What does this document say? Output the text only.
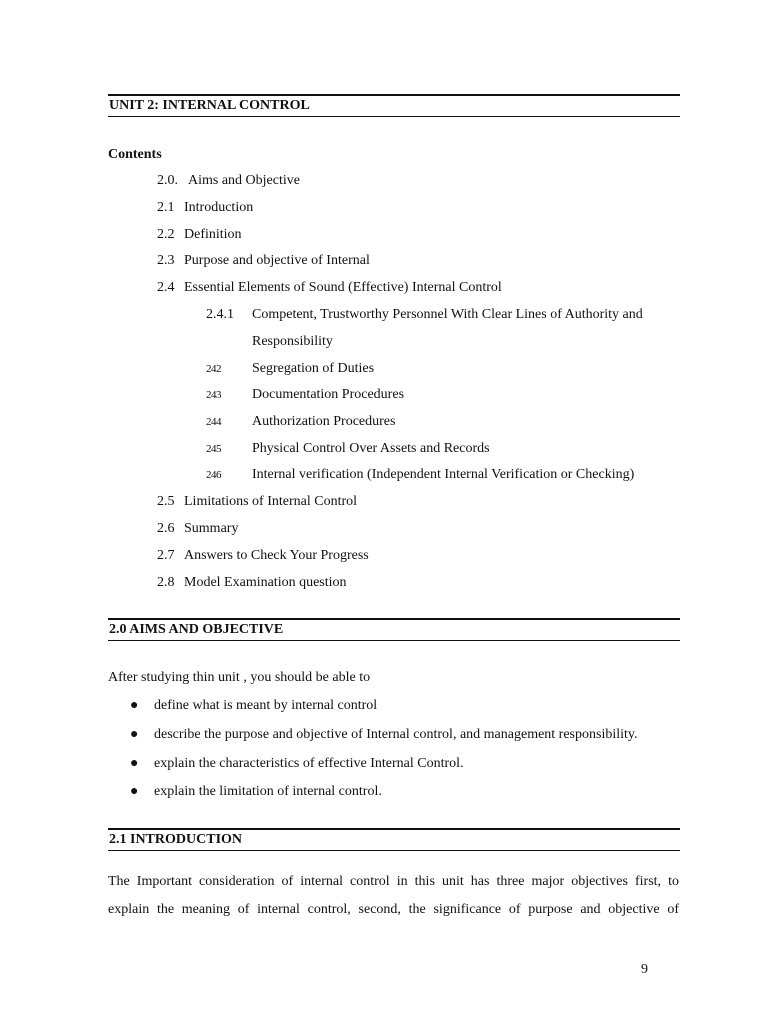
UNIT 2: INTERNAL CONTROL
Contents
2.0. Aims and Objective
2.1 Introduction
2.2 Definition
2.3 Purpose and objective of Internal
2.4 Essential Elements of Sound (Effective) Internal Control
2.4.1 Competent, Trustworthy Personnel With Clear Lines of Authority and
Responsibility
242 Segregation of Duties
243 Documentation Procedures
244 Authorization Procedures
245 Physical Control Over Assets and Records
246 Internal verification (Independent Internal Verification or Checking)
2.5 Limitations of Internal Control
2.6 Summary
2.7 Answers to Check Your Progress
2.8 Model Examination question
2.0 AIMS AND OBJECTIVE
After studying thin unit , you should be able to
● define what is meant by internal control
● describe the purpose and objective of Internal control, and management responsibility.
● explain the characteristics of effective Internal Control.
● explain the limitation of internal control.
2.1 INTRODUCTION
The Important consideration of internal control in this unit has three major objectives first, to
explain the meaning of internal control, second, the significance of purpose and objective of
9
